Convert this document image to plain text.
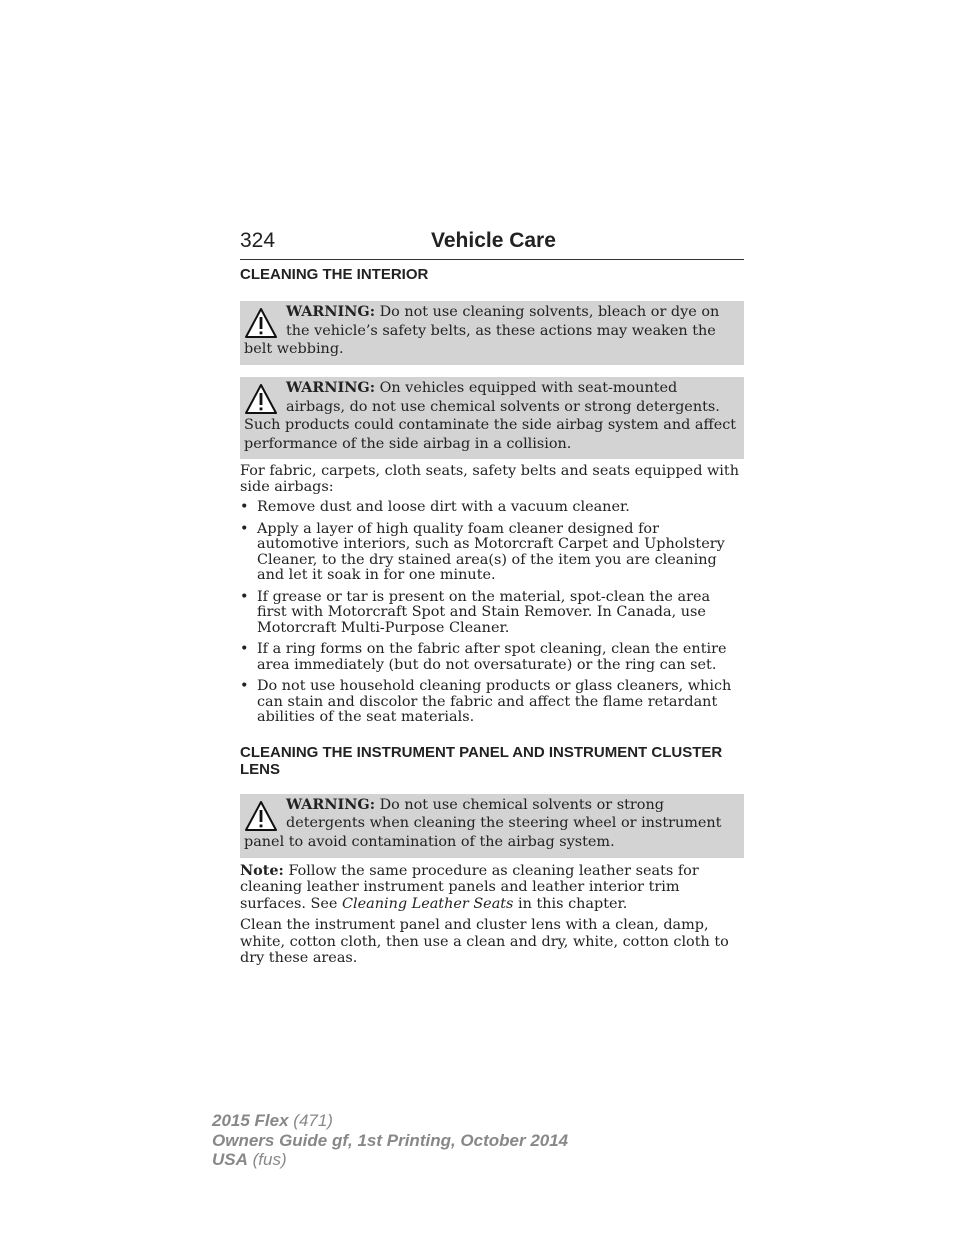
324	Vehicle Care
CLEANING THE INTERIOR
WARNING: Do not use cleaning solvents, bleach or dye on the vehicle’s safety belts, as these actions may weaken the belt webbing.
WARNING: On vehicles equipped with seat-mounted airbags, do not use chemical solvents or strong detergents. Such products could contaminate the side airbag system and affect performance of the side airbag in a collision.

For fabric, carpets, cloth seats, safety belts and seats equipped with side airbags:

• Remove dust and loose dirt with a vacuum cleaner.
• Apply a layer of high quality foam cleaner designed for automotive interiors, such as Motorcraft Carpet and Upholstery Cleaner, to the dry stained area(s) of the item you are cleaning and let it soak in for one minute.
• If grease or tar is present on the material, spot-clean the area first with Motorcraft Spot and Stain Remover. In Canada, use Motorcraft Multi-Purpose Cleaner.
• If a ring forms on the fabric after spot cleaning, clean the entire area immediately (but do not oversaturate) or the ring can set.
• Do not use household cleaning products or glass cleaners, which can stain and discolor the fabric and affect the flame retardant abilities of the seat materials.
CLEANING THE INSTRUMENT PANEL AND INSTRUMENT CLUSTER LENS
WARNING: Do not use chemical solvents or strong detergents when cleaning the steering wheel or instrument panel to avoid contamination of the airbag system.

Note: Follow the same procedure as cleaning leather seats for cleaning leather instrument panels and leather interior trim surfaces. See Cleaning Leather Seats in this chapter.

Clean the instrument panel and cluster lens with a clean, damp, white, cotton cloth, then use a clean and dry, white, cotton cloth to dry these areas.

2015 Flex (471)
Owners Guide gf, 1st Printing, October 2014
USA (fus)
